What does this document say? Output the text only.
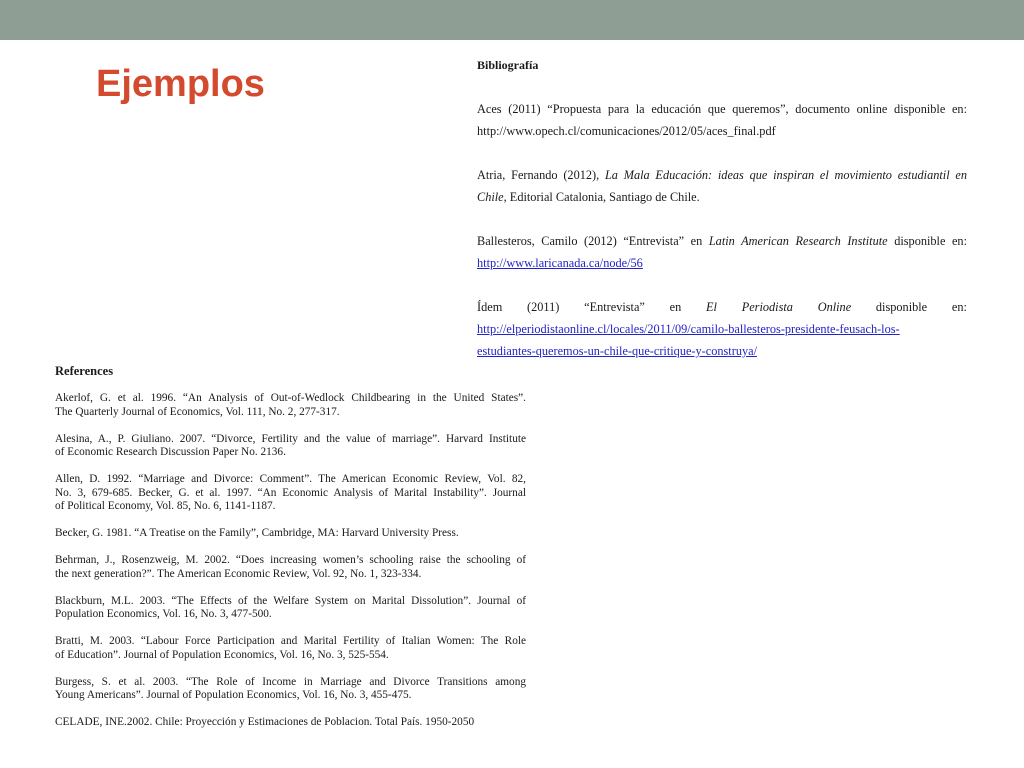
Ejemplos	Bibliografía
Aces (2011) “Propuesta para la educación que queremos”, documento online disponible en:
http://www.opech.cl/comunicaciones/2012/05/aces_final.pdf
Atria, Fernando (2012), La Mala Educación: ideas que inspiran el movimiento estudiantil en
Chile, Editorial Catalonia, Santiago de Chile.
Ballesteros, Camilo (2012) “Entrevista” en Latin American Research Institute disponible en:
http://www.laricanada.ca/node/56
Ídem (2011) “Entrevista” en El Periodista Online disponible en:
http://elperiodistaonline.cl/locales/2011/09/camilo-ballesteros-presidente-feusach-los-
estudiantes-queremos-un-chile-que-critique-y-construya/
References
Akerlof, G. et al. 1996. “An Analysis of Out-of-Wedlock Childbearing in the United States”.
The Quarterly Journal of Economics, Vol. 111, No. 2, 277-317.
Alesina, A., P. Giuliano. 2007. “Divorce, Fertility and the value of marriage”. Harvard Institute
of Economic Research Discussion Paper No. 2136.
Allen, D. 1992. “Marriage and Divorce: Comment”. The American Economic Review, Vol. 82,
No. 3, 679-685. Becker, G. et al. 1997. “An Economic Analysis of Marital Instability”. Journal
of Political Economy, Vol. 85, No. 6, 1141-1187.
Becker, G. 1981. “A Treatise on the Family”, Cambridge, MA: Harvard University Press.
Behrman, J., Rosenzweig, M. 2002. “Does increasing women’s schooling raise the schooling of
the next generation?”. The American Economic Review, Vol. 92, No. 1, 323-334.
Blackburn, M.L. 2003. “The Effects of the Welfare System on Marital Dissolution”. Journal of
Population Economics, Vol. 16, No. 3, 477-500.
Bratti, M. 2003. “Labour Force Participation and Marital Fertility of Italian Women: The Role
of Education”. Journal of Population Economics, Vol. 16, No. 3, 525-554.
Burgess, S. et al. 2003. “The Role of Income in Marriage and Divorce Transitions among
Young Americans”. Journal of Population Economics, Vol. 16, No. 3, 455-475.
CELADE, INE.2002. Chile: Proyección y Estimaciones de Poblacion. Total País. 1950-2050
